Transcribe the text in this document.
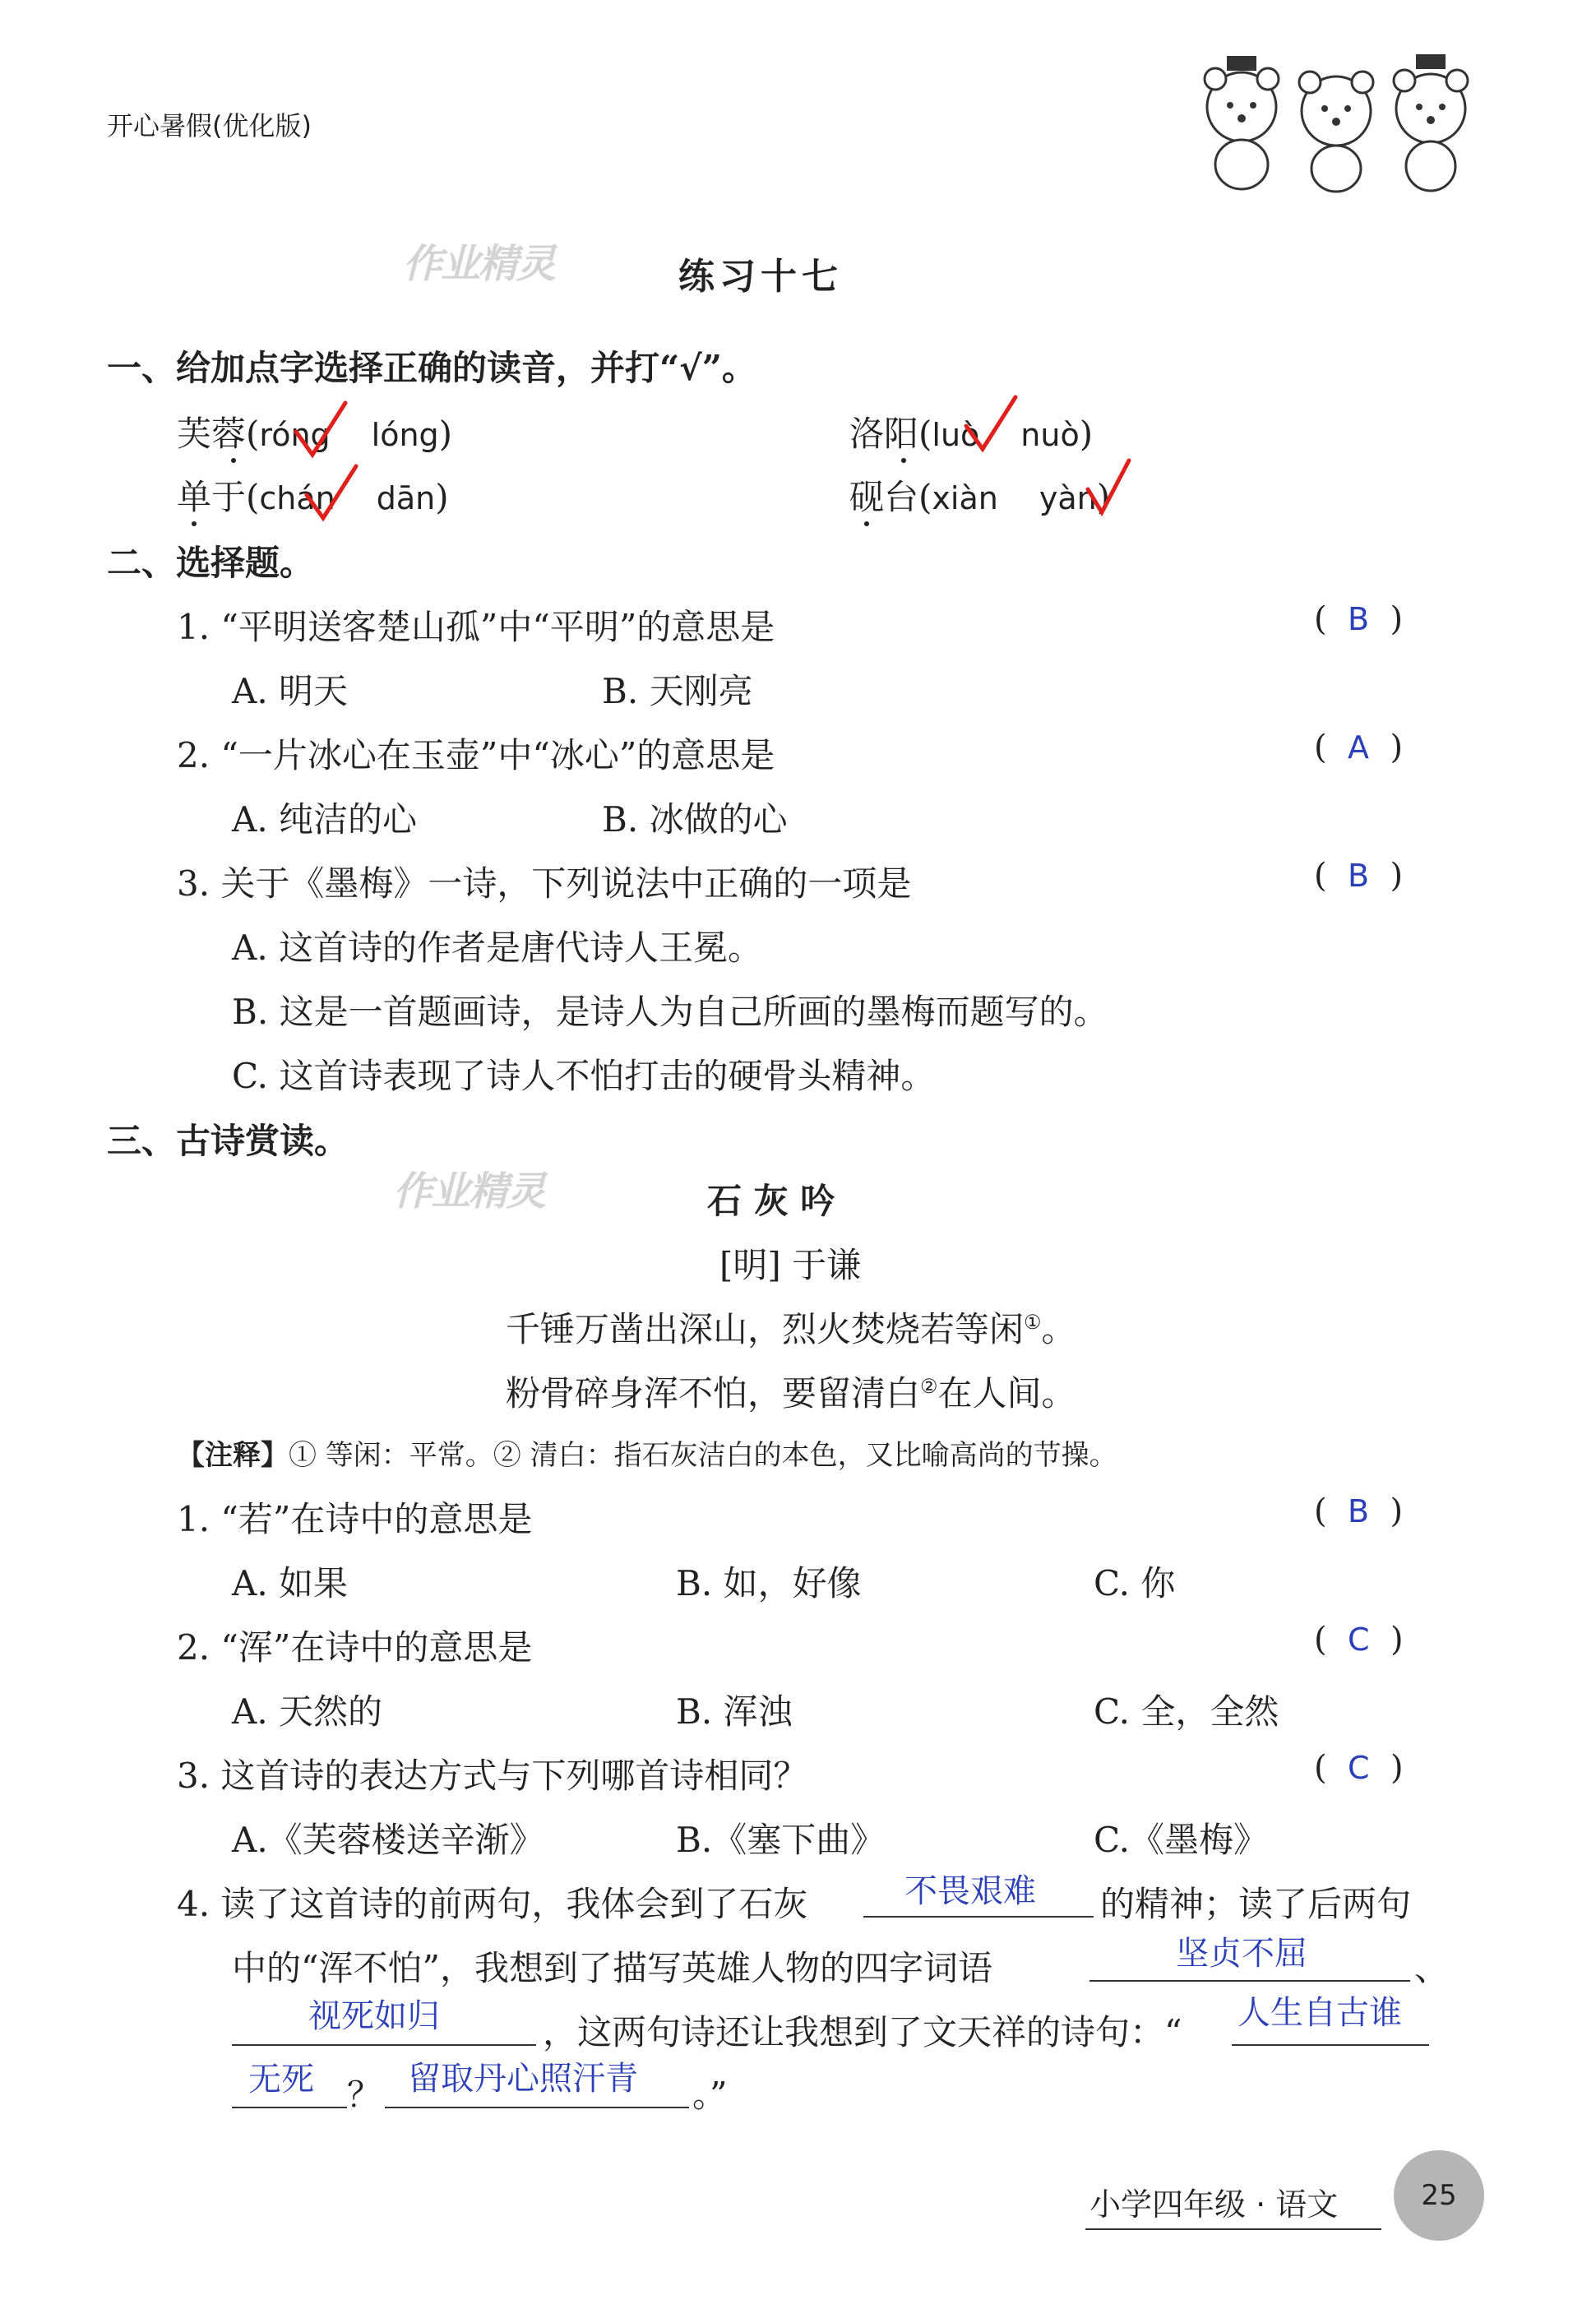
开心暑假(优化版)
作业精灵	练习十七
一、给加点字选择正确的读音，并打“√”。
芙蓉(róng lóng)	洛阳(luò nuò)
单于(chán dān)	砚台(xiàn yàn)
二、选择题。
1. “平明送客楚山孤”中“平明”的意思是	(  B  )
A. 明天	B. 天刚亮
2. “一片冰心在玉壶”中“冰心”的意思是	(  A  )
A. 纯洁的心	B. 冰做的心
3. 关于《墨梅》一诗，下列说法中正确的一项是	(  B  )
A. 这首诗的作者是唐代诗人王冕。
B. 这是一首题画诗，是诗人为自己所画的墨梅而题写的。
C. 这首诗表现了诗人不怕打击的硬骨头精神。
三、古诗赏读。
作业精灵	石 灰 吟
[明] 于谦
千锤万凿出深山，烈火焚烧若等闲①。
粉骨碎身浑不怕，要留清白②在人间。
【注释】① 等闲：平常。② 清白：指石灰洁白的本色，又比喻高尚的节操。
1. “若”在诗中的意思是	(  B  )
A. 如果	B. 如，好像	C. 你
2. “浑”在诗中的意思是	(  C  )
A. 天然的	B. 浑浊	C. 全，全然
3. 这首诗的表达方式与下列哪首诗相同？	(  C  )
A.《芙蓉楼送辛渐》	B.《塞下曲》	C.《墨梅》
4. 读了这首诗的前两句，我体会到了石灰	不畏艰难 的精神；读了后两句
中的“浑不怕”，我想到了描写英雄人物的四字词语	坚贞不屈	、
视死如归	，这两句诗还让我想到了文天祥的诗句：“ 人生自古谁
无死 ？ 留取丹心照汗青 。”
小学四年级 · 语文	25
